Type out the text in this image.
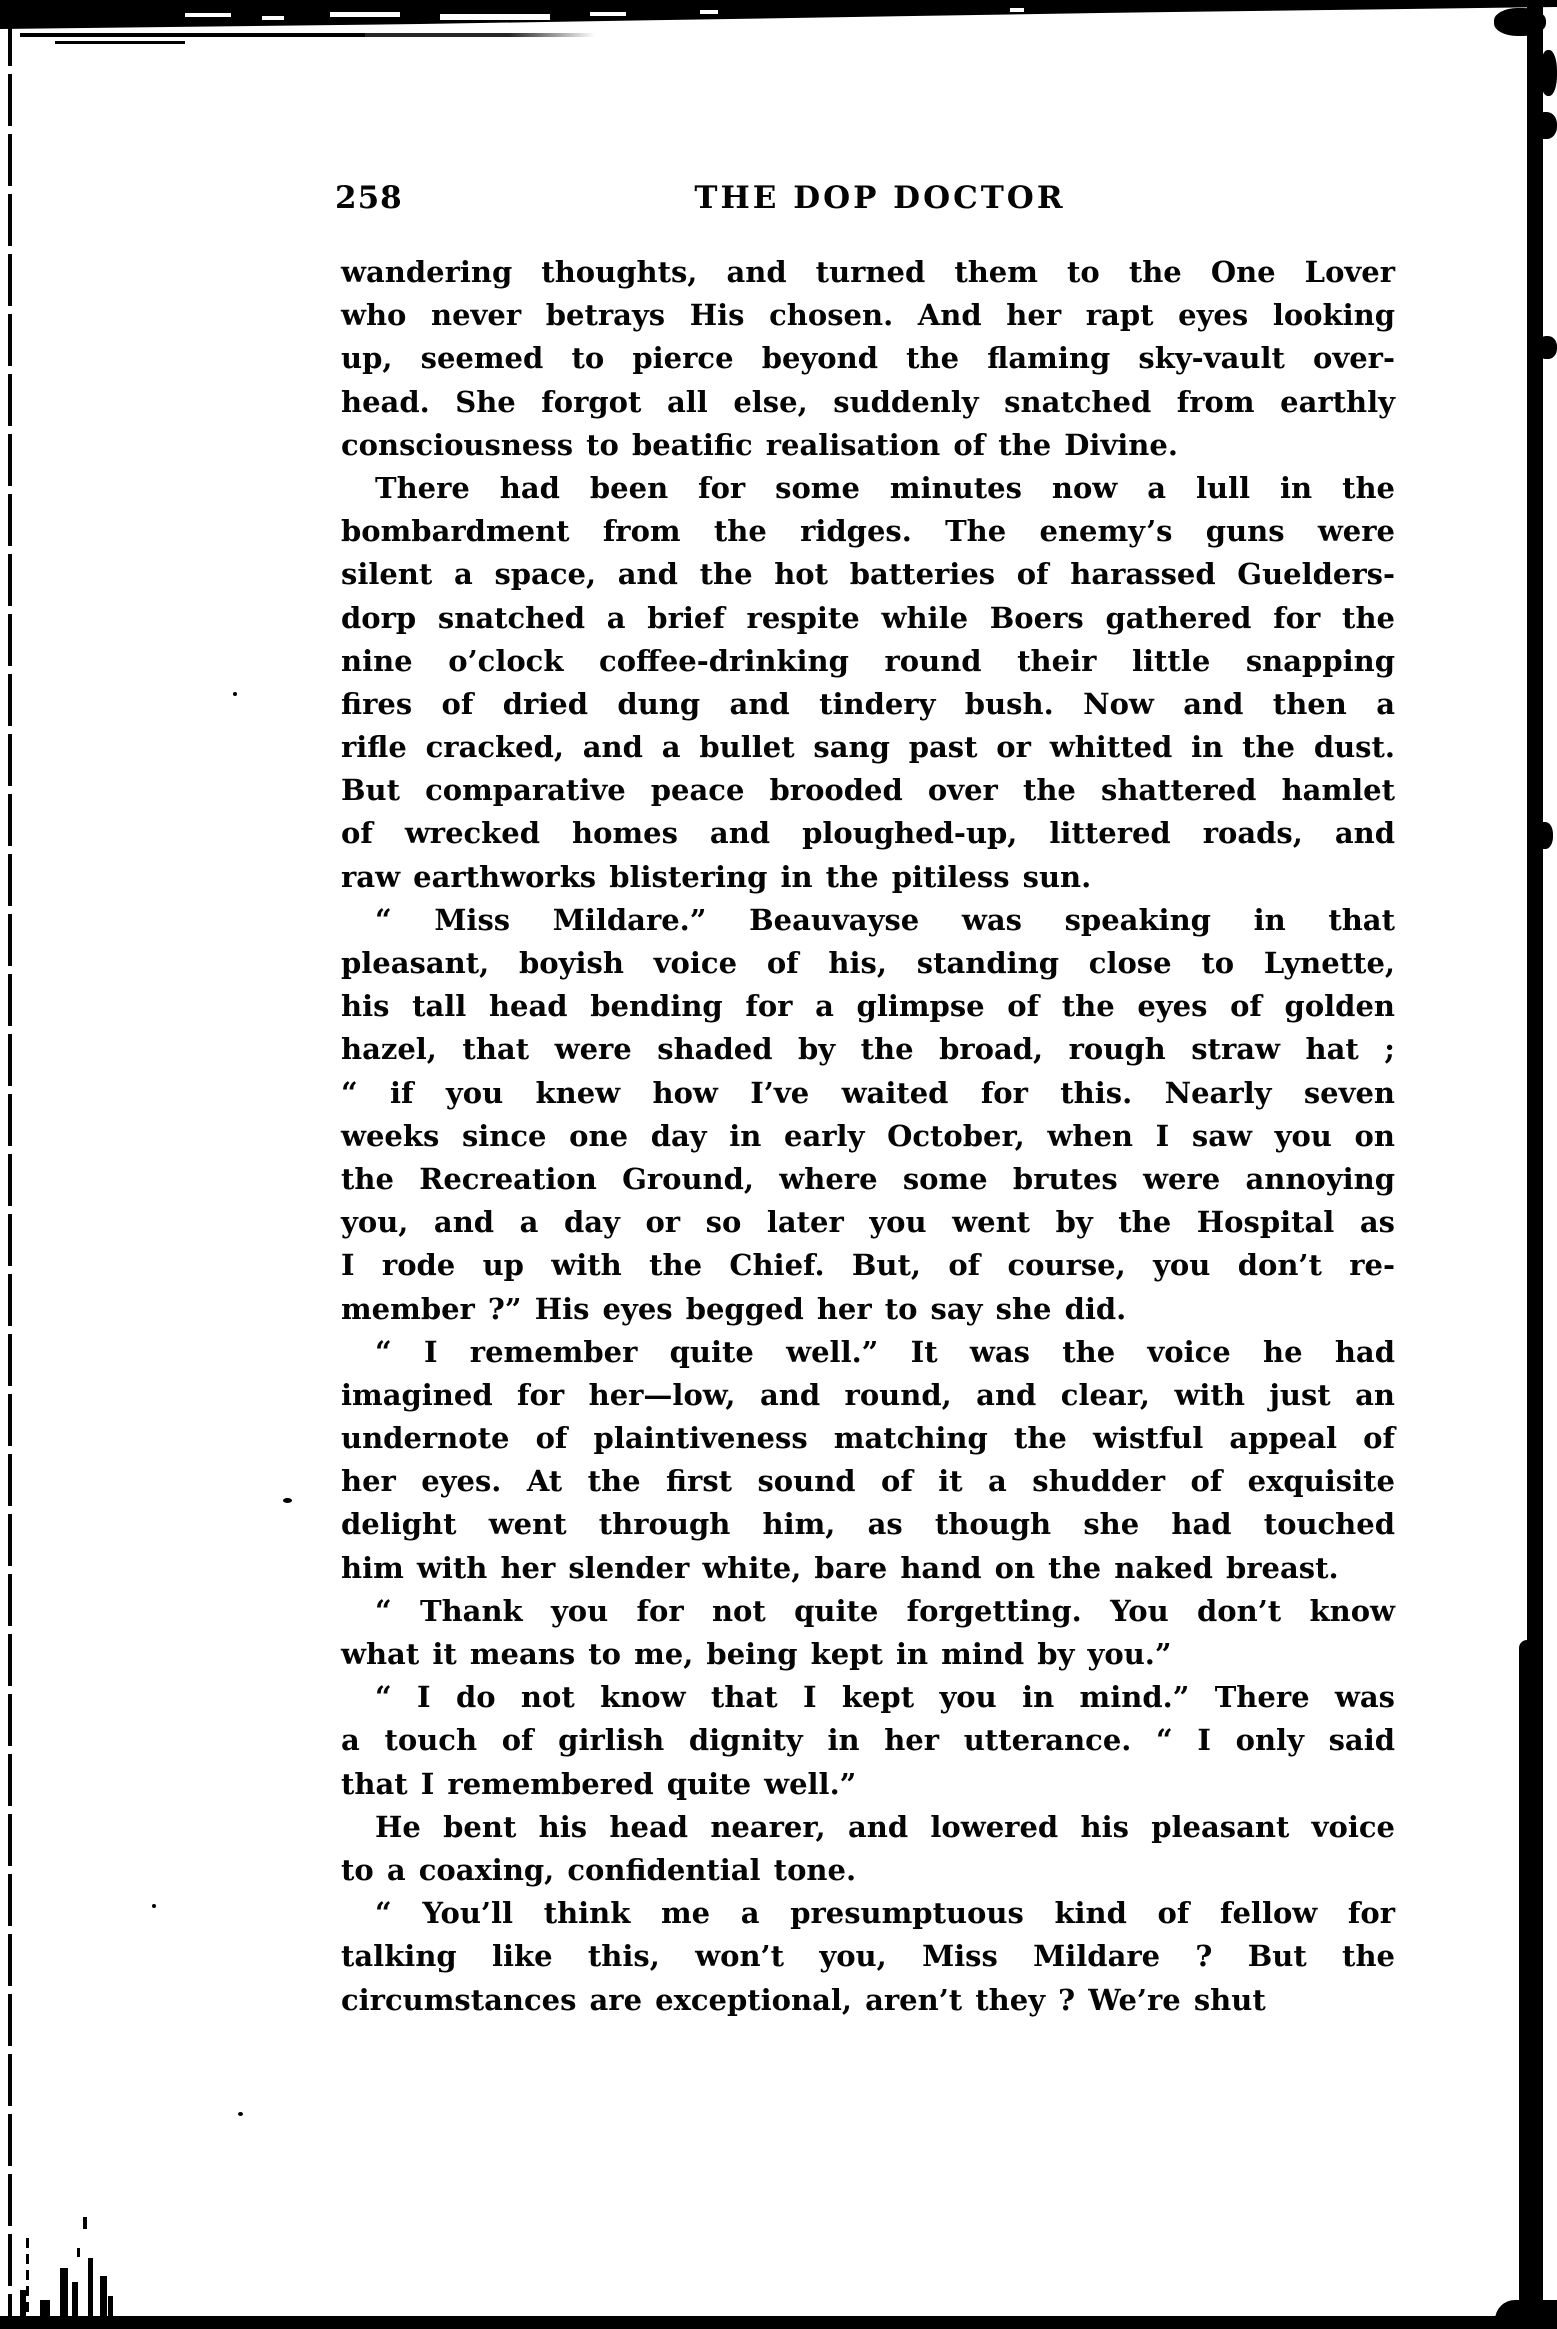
258	THE DOP DOCTOR
wandering thoughts, and turned them to the One Lover
who never betrays His chosen. And her rapt eyes looking
up, seemed to pierce beyond the flaming sky-vault over-
head. She forgot all else, suddenly snatched from earthly
consciousness to beatific realisation of the Divine.
There had been for some minutes now a lull in the
bombardment from the ridges. The enemy’s guns were
silent a space, and the hot batteries of harassed Guelders-
dorp snatched a brief respite while Boers gathered for the
nine o’clock coffee-drinking round their little snapping
fires of dried dung and tindery bush. Now and then a
rifle cracked, and a bullet sang past or whitted in the dust.
But comparative peace brooded over the shattered hamlet
of wrecked homes and ploughed-up, littered roads, and
raw earthworks blistering in the pitiless sun.
“ Miss Mildare.” Beauvayse was speaking in that
pleasant, boyish voice of his, standing close to Lynette,
his tall head bending for a glimpse of the eyes of golden
hazel, that were shaded by the broad, rough straw hat ;
“ if you knew how I’ve waited for this. Nearly seven
weeks since one day in early October, when I saw you on
the Recreation Ground, where some brutes were annoying
you, and a day or so later you went by the Hospital as
I rode up with the Chief. But, of course, you don’t re-
member ?” His eyes begged her to say she did.
“ I remember quite well.” It was the voice he had
imagined for her—low, and round, and clear, with just an
undernote of plaintiveness matching the wistful appeal of
her eyes. At the first sound of it a shudder of exquisite
delight went through him, as though she had touched
him with her slender white, bare hand on the naked breast.
“ Thank you for not quite forgetting. You don’t know
what it means to me, being kept in mind by you.”
“ I do not know that I kept you in mind.” There was
a touch of girlish dignity in her utterance. “ I only said
that I remembered quite well.”
He bent his head nearer, and lowered his pleasant voice
to a coaxing, confidential tone.
“ You’ll think me a presumptuous kind of fellow for
talking like this, won’t you, Miss Mildare ? But the
circumstances are exceptional, aren’t they ? We’re shut
